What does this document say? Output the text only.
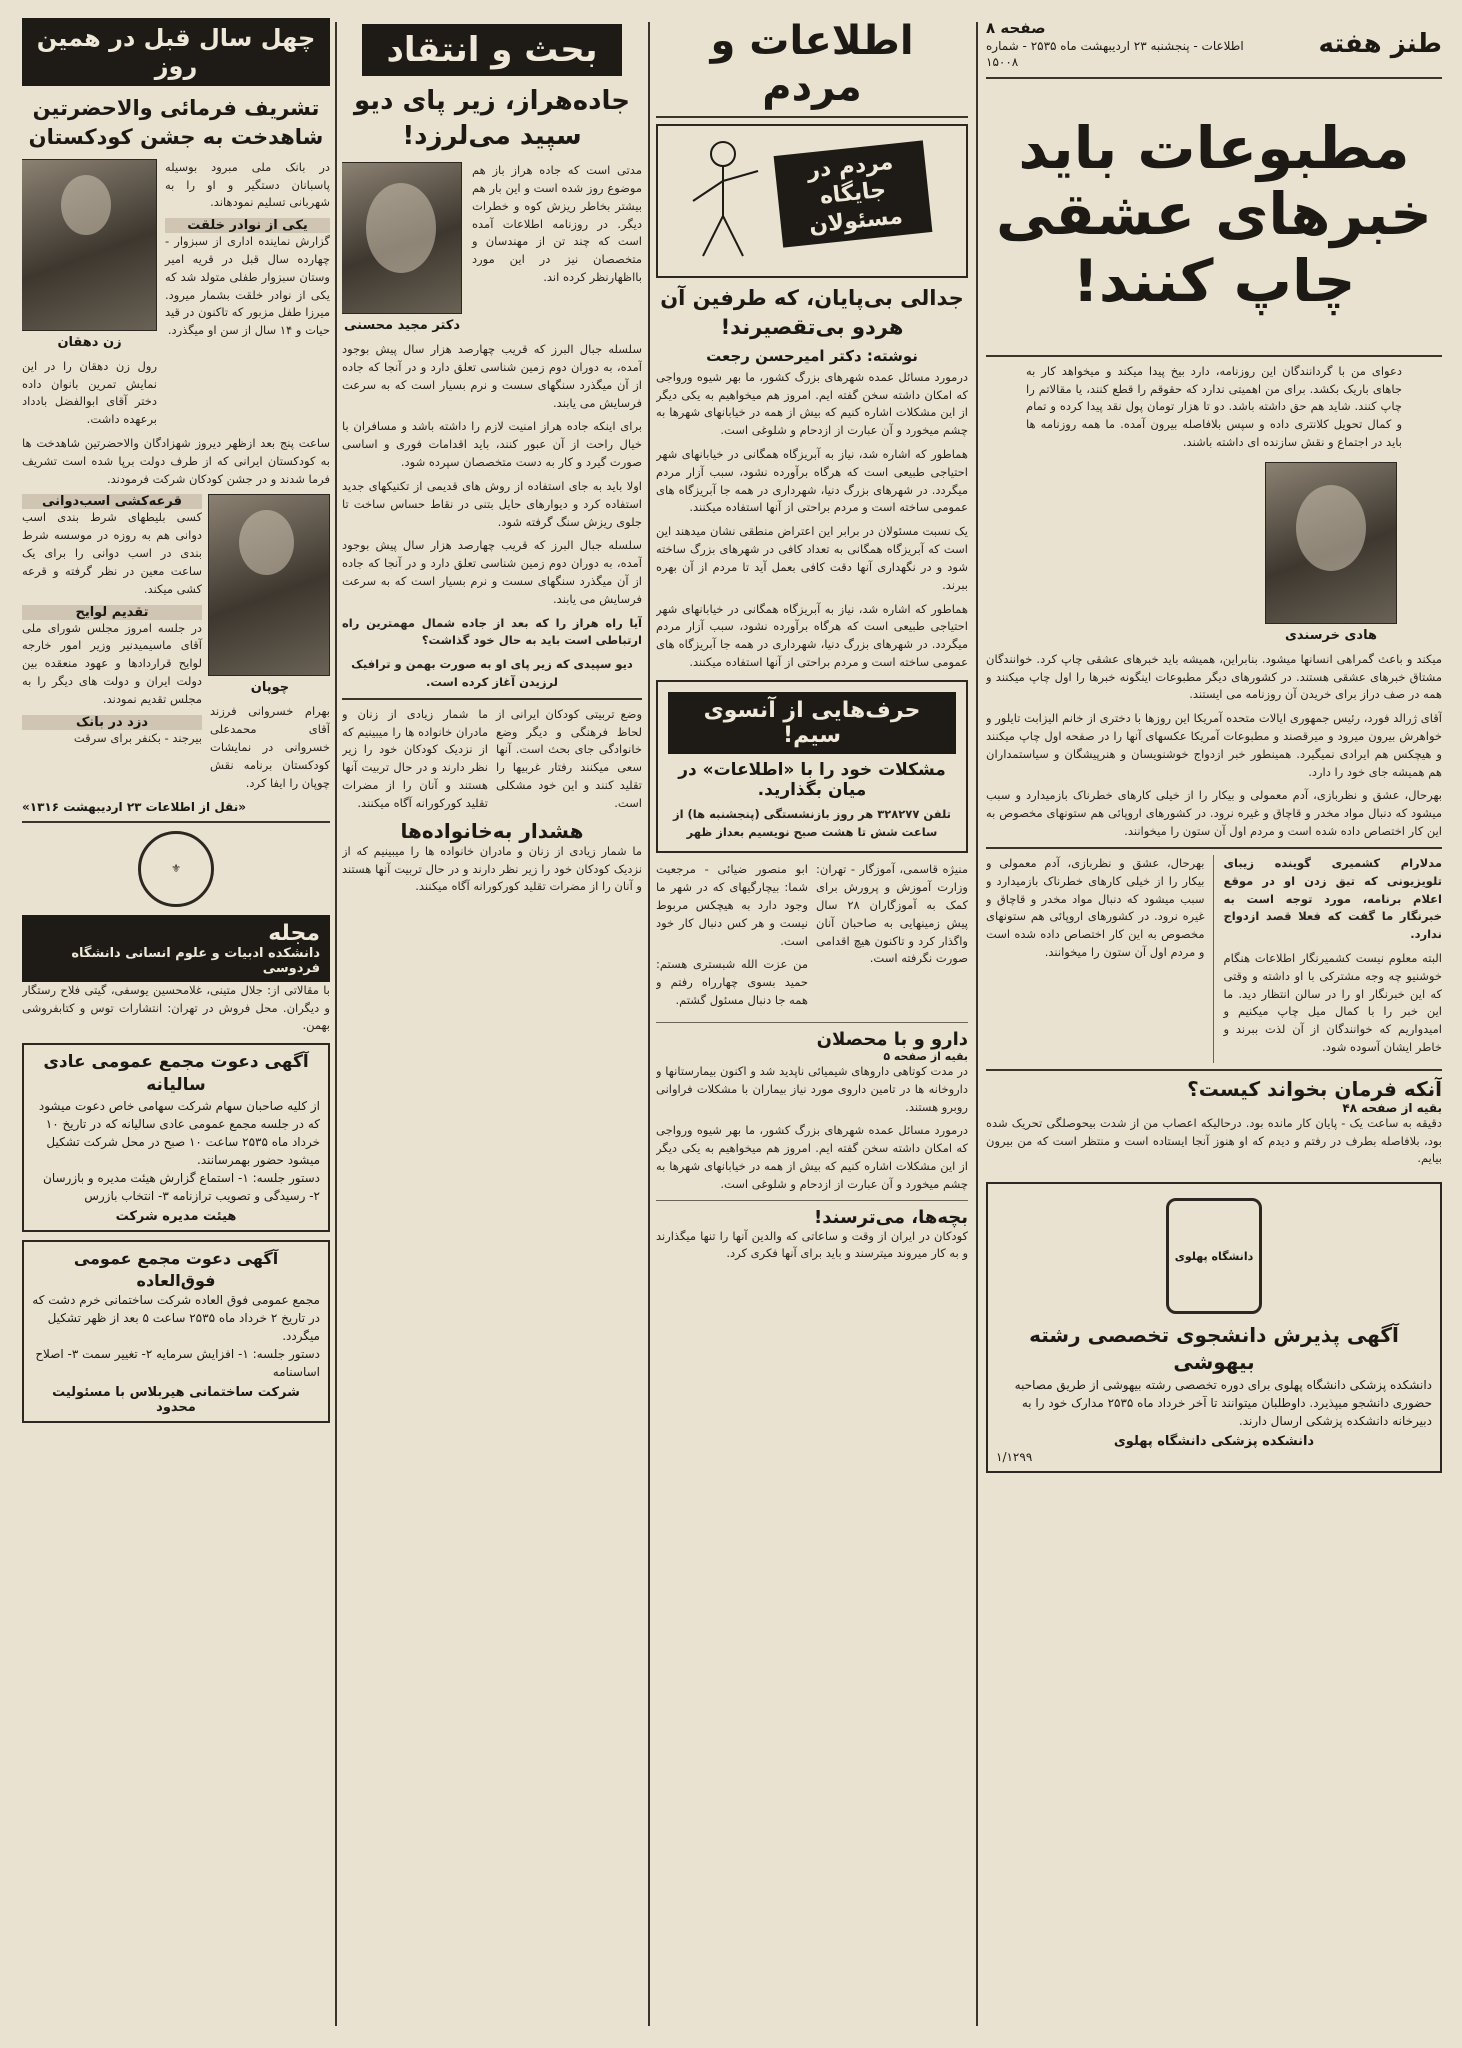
طنز هفته
صفحه ۸
اطلاعات - پنجشنبه ۲۳ اردیبهشت ماه ۲۵۳۵ - شماره ۱۵۰۰۸
مطبوعات باید خبرهای عشقی چاپ کنند!

دعوای من با گردانندگان این روزنامه، دارد بیخ پیدا میکند و میخواهد کار به جاهای باریک بکشد. برای من اهمیتی ندارد که حقوقم را قطع کنند، یا مقالاتم را چاپ کنند. شاید هم حق داشته باشد. دو تا هزار تومان پول نقد پیدا کرده و تمام و کمال تحویل کلانتری داده و سپس بلافاصله بیرون آمده. ما همه روزنامه ها باید در اجتماع و نقش سازنده ای داشته باشند.

هادی خرسندی

میکند و باعث گمراهی انسانها میشود. بنابراین، همیشه باید خبرهای عشقی چاپ کرد. خوانندگان مشتاق خبرهای عشقی هستند. در کشورهای دیگر مطبوعات اینگونه خبرها را اول چاپ میکنند و همه در صف دراز برای خریدن آن روزنامه می ایستند.

آقای ژرالد فورد، رئیس جمهوری ایالات متحده آمریکا این روزها با دختری از خانم الیزابت تایلور و خواهرش بیرون میرود و میرقصند و مطبوعات آمریکا عکسهای آنها را در صفحه اول چاپ میکنند و هیچکس هم ایرادی نمیگیرد. همینطور خبر ازدواج خوشنویسان و هنرپیشگان و سیاستمداران هم همیشه جای خود را دارد.

بهرحال، عشق و نظربازی، آدم معمولی و بیکار را از خیلی کارهای خطرناک بازمیدارد و سبب میشود که دنبال مواد مخدر و قاچاق و غیره نرود. در کشورهای اروپائی هم ستونهای مخصوص به این کار اختصاص داده شده است و مردم اول آن ستون را میخوانند.

مدلارام کشمیری گوینده زیبای تلویزیونی که تیق زدن او در موقع اعلام برنامه، مورد توجه است به خبرنگار ما گفت که فعلا قصد ازدواج ندارد.

البته معلوم نیست کشمیرنگار اطلاعات هنگام خوشنیو چه وجه مشترکی با او داشته و وقتی که این خبرنگار او را در سالن انتظار دید. ما این خبر را با کمال میل چاپ میکنیم و امیدواریم که خوانندگان از آن لذت ببرند و خاطر ایشان آسوده شود.

بهرحال، عشق و نظربازی، آدم معمولی و بیکار را از خیلی کارهای خطرناک بازمیدارد و سبب میشود که دنبال مواد مخدر و قاچاق و غیره نرود. در کشورهای اروپائی هم ستونهای مخصوص به این کار اختصاص داده شده است و مردم اول آن ستون را میخوانند.

آنکه فرمان بخواند کیست؟
بقیه از صفحه ۴۸

دقیقه به ساعت یک - پایان کار مانده بود. درحالیکه اعصاب من از شدت بیحوصلگی تحریک شده بود، بلافاصله بطرف در رفتم و دیدم که او هنوز آنجا ایستاده است و منتظر است که من بیرون بیایم.

دانشگاه پهلوی
آگهی پذیرش دانشجوی تخصصی رشته بیهوشی
دانشکده پزشکی دانشگاه پهلوی برای دوره تخصصی رشته بیهوشی از طریق مصاحبه حضوری دانشجو میپذیرد. داوطلبان میتوانند تا آخر خرداد ماه ۲۵۳۵ مدارک خود را به دبیرخانه دانشکده پزشکی ارسال دارند.
دانشکده پزشکی دانشگاه پهلوی
۱/۱۲۹۹
اطلاعات و مردم
مردم در جایگاه مسئولان
جدالی بی‌پایان، که طرفین آن هردو بی‌تقصیرند!
نوشته: دکتر امیرحسن رجعت

درمورد مسائل عمده شهرهای بزرگ کشور، ما بهر شیوه ورواجی که امکان داشته سخن گفته ایم. امروز هم میخواهیم به یکی دیگر از این مشکلات اشاره کنیم که بیش از همه در خیابانهای شهرها به چشم میخورد و آن عبارت از ازدحام و شلوغی است.

هماطور که اشاره شد، نیاز به آبریزگاه همگانی در خیابانهای شهر احتیاجی طبیعی است که هرگاه برآورده نشود، سبب آزار مردم میگردد. در شهرهای بزرگ دنیا، شهرداری در همه جا آبریزگاه های عمومی ساخته است و مردم براحتی از آنها استفاده میکنند.

یک نسبت مسئولان در برابر این اعتراض منطقی نشان میدهند این است که آبریزگاه همگانی به تعداد کافی در شهرهای بزرگ ساخته شود و در نگهداری آنها دقت کافی بعمل آید تا مردم از آن بهره ببرند.

هماطور که اشاره شد، نیاز به آبریزگاه همگانی در خیابانهای شهر احتیاجی طبیعی است که هرگاه برآورده نشود، سبب آزار مردم میگردد. در شهرهای بزرگ دنیا، شهرداری در همه جا آبریزگاه های عمومی ساخته است و مردم براحتی از آنها استفاده میکنند.

حرف‌هایی از آنسوی سیم!
مشکلات خود را با «اطلاعات» در میان بگذارید.
تلفن ۳۲۸۲۷۷ هر روز بازنشستگی (پنجشنبه ها) از ساعت شش تا هشت صبح نویسیم بعداز ظهر

منیژه قاسمی، آموزگار - تهران: وزارت آموزش و پرورش برای کمک به آموزگاران ۲۸ سال پیش زمینهایی به صاحبان آنان واگذار کرد و تاکنون هیچ اقدامی صورت نگرفته است.

ابو منصور ضیائی - مرجعیت شما: بیچارگیهای که در شهر ما وجود دارد به هیچکس مربوط نیست و هر کس دنبال کار خود است.

من عزت الله شبستری هستم: حمید بسوی چهارراه رفتم و همه جا دنبال مسئول گشتم.

دارو و با محصلان
بقیه از صفحه ۵

در مدت کوتاهی داروهای شیمیائی ناپدید شد و اکنون بیمارستانها و داروخانه ها در تامین داروی مورد نیاز بیماران با مشکلات فراوانی روبرو هستند.

درمورد مسائل عمده شهرهای بزرگ کشور، ما بهر شیوه ورواجی که امکان داشته سخن گفته ایم. امروز هم میخواهیم به یکی دیگر از این مشکلات اشاره کنیم که بیش از همه در خیابانهای شهرها به چشم میخورد و آن عبارت از ازدحام و شلوغی است.

بچه‌ها، می‌ترسند!

کودکان در ایران از وقت و ساعاتی که والدین آنها را تنها میگذارند و به کار میروند میترسند و باید برای آنها فکری کرد.

بحث و انتقاد
جاده‌هراز، زیر پای دیو سپید می‌لرزد!

مدتی است که جاده هراز باز هم موضوع روز شده است و این بار هم بیشتر بخاطر ریزش کوه و خطرات دیگر. در روزنامه اطلاعات آمده است که چند تن از مهندسان و متخصصان نیز در این مورد بااظهارنظر کرده اند.

دکتر مجید محسنی

سلسله جبال البرز که قریب چهارصد هزار سال پیش بوجود آمده، به دوران دوم زمین شناسی تعلق دارد و در آنجا که جاده از آن میگذرد سنگهای سست و نرم بسیار است که به سرعت فرسایش می یابند.

برای اینکه جاده هراز امنیت لازم را داشته باشد و مسافران با خیال راحت از آن عبور کنند، باید اقدامات فوری و اساسی صورت گیرد و کار به دست متخصصان سپرده شود.

اولا باید به جای استفاده از روش های قدیمی از تکنیکهای جدید استفاده کرد و دیوارهای حایل بتنی در نقاط حساس ساخت تا جلوی ریزش سنگ گرفته شود.

سلسله جبال البرز که قریب چهارصد هزار سال پیش بوجود آمده، به دوران دوم زمین شناسی تعلق دارد و در آنجا که جاده از آن میگذرد سنگهای سست و نرم بسیار است که به سرعت فرسایش می یابند.

آیا راه هراز را که بعد از جاده شمال مهمترین راه ارتباطی است باید به حال خود گذاشت؟

دیو سپیدی که زیر پای او به صورت بهمن و ترافیک لرزیدن آغاز کرده است.

وضع تربیتی کودکان ایرانی از لحاظ فرهنگی و دیگر وضع خانوادگی جای بحث است. آنها سعی میکنند رفتار غربیها را تقلید کنند و این خود مشکلی است.

ما شمار زیادی از زنان و مادران خانواده ها را میبینیم که از نزدیک کودکان خود را زیر نظر دارند و در حال تربیت آنها هستند و آنان را از مضرات تقلید کورکورانه آگاه میکنند.

هشدار به‌خانواده‌ها

ما شمار زیادی از زنان و مادران خانواده ها را میبینیم که از نزدیک کودکان خود را زیر نظر دارند و در حال تربیت آنها هستند و آنان را از مضرات تقلید کورکورانه آگاه میکنند.

چهل سال قبل در همین روز
تشریف فرمائی والاحضرتین شاهدخت به جشن کودکستان

در بانک ملی مبرود بوسیله پاسبانان دستگیر و او را به شهربانی تسلیم نمودهاند.

یکی از نوادر خلقت

گزارش نماینده اداری از سبزوار - چهارده سال قبل در قریه امیر وستان سبزوار طفلی متولد شد که یکی از نوادر خلقت بشمار میرود. میرزا طفل مزبور که تاکنون در قید حیات و ۱۴ سال از سن او میگذرد.

زن دهقان

رول زن دهقان را در این نمایش تمرین بانوان داده دختر آقای ابوالفضل بادداد برعهده داشت.

ساعت پنج بعد ازظهر دیروز شهزادگان والاحضرتین شاهدخت ها به کودکستان ایرانی که از طرف دولت برپا شده است تشریف فرما شدند و در جشن کودکان شرکت فرمودند.

چوپان

بهرام خسروانی فرزند آقای محمدعلی خسروانی در نمایشات کودکستان برنامه نقش چوپان را ایفا کرد.

قرعه‌کشی اسب‌دوانی

کسی بلیطهای شرط بندی اسب دوانی هم به روزه در موسسه شرط بندی در اسب دوانی را برای یک ساعت معین در نظر گرفته و قرعه کشی میکند.

تقدیم لوایح

در جلسه امروز مجلس شورای ملی آقای ماسیمیدنیر وزیر امور خارجه لوایح قراردادها و عهود منعقده بین دولت ایران و دولت های دیگر را به مجلس تقدیم نمودند.

دزد در بانک

بیرجند - بکنفر برای سرقت

«نقل از اطلاعات ۲۳ اردیبهشت ۱۳۱۶»
⚜
مجله
دانشکده ادبیات و علوم انسانی دانشگاه فردوسی

با مقالاتی از: جلال متینی، غلامحسین یوسفی، گیتی فلاح رستگار و دیگران. محل فروش در تهران: انتشارات توس و کتابفروشی بهمن.

آگهی دعوت مجمع عمومی عادی سالیانه
از کلیه صاحبان سهام شرکت سهامی خاص دعوت میشود که در جلسه مجمع عمومی عادی سالیانه که در تاریخ ۱۰ خرداد ماه ۲۵۳۵ ساعت ۱۰ صبح در محل شرکت تشکیل میشود حضور بهمرسانند.
دستور جلسه: ۱- استماع گزارش هیئت مدیره و بازرسان ۲- رسیدگی و تصویب ترازنامه ۳- انتخاب بازرس
هیئت مدیره شرکت
آگهی دعوت مجمع عمومی فوق‌العاده
مجمع عمومی فوق العاده شرکت ساختمانی خرم دشت که در تاریخ ۲ خرداد ماه ۲۵۳۵ ساعت ۵ بعد از ظهر تشکیل میگردد.
دستور جلسه: ۱- افزایش سرمایه ۲- تغییر سمت ۳- اصلاح اساسنامه
شرکت ساختمانی هیربلاس با مسئولیت محدود
